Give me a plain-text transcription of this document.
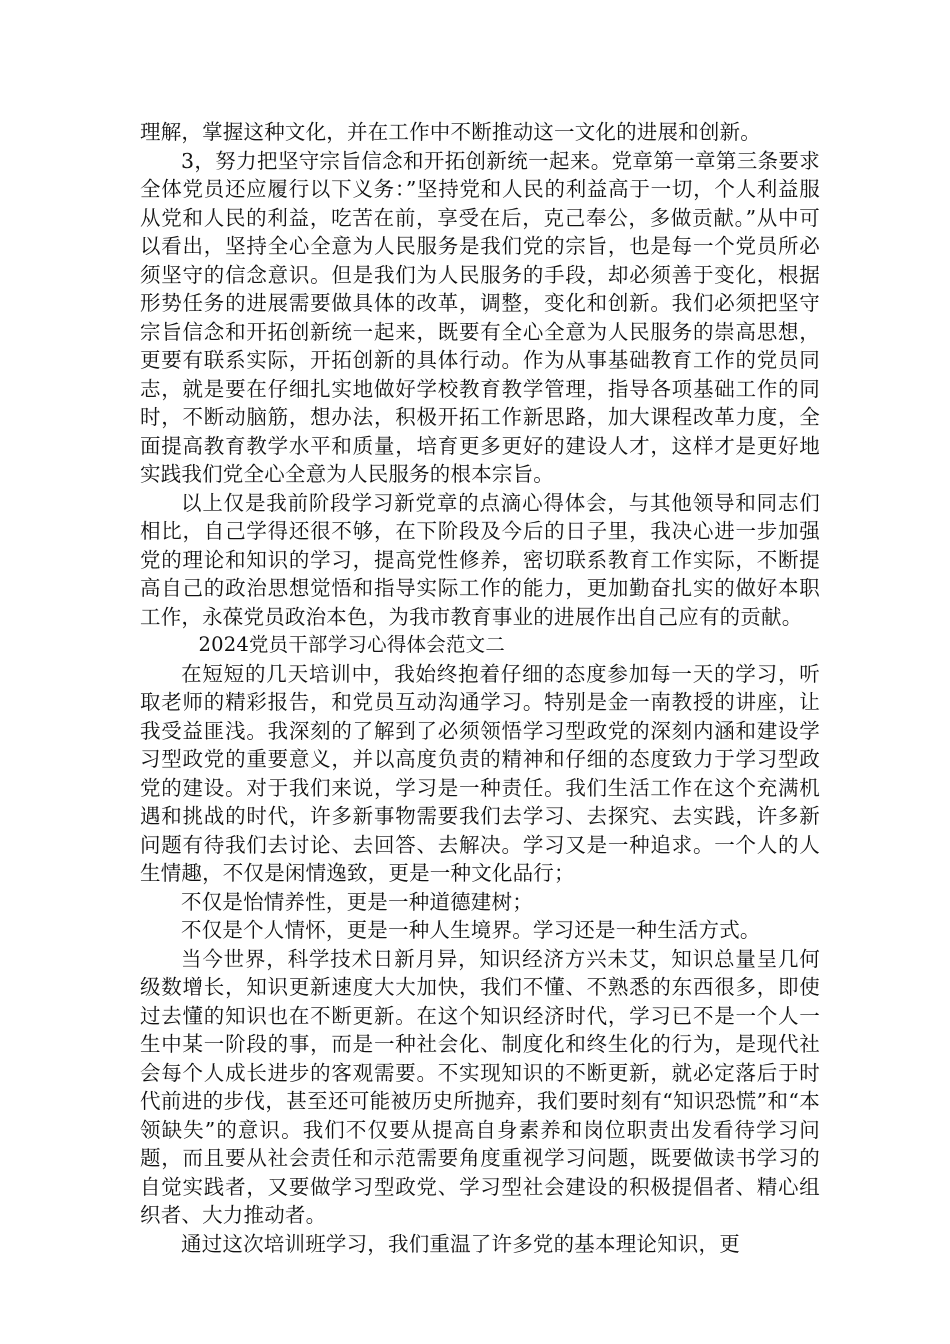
理解，掌握这种文化，并在工作中不断推动这一文化的进展和创新。

3，努力把坚守宗旨信念和开拓创新统一起来。党章第一章第三条要求全体党员还应履行以下义务：”坚持党和人民的利益高于一切，个人利益服从党和人民的利益，吃苦在前，享受在后，克己奉公，多做贡献。”从中可以看出，坚持全心全意为人民服务是我们党的宗旨，也是每一个党员所必须坚守的信念意识。但是我们为人民服务的手段，却必须善于变化，根据形势任务的进展需要做具体的改革，调整，变化和创新。我们必须把坚守宗旨信念和开拓创新统一起来，既要有全心全意为人民服务的崇高思想，更要有联系实际，开拓创新的具体行动。作为从事基础教育工作的党员同志，就是要在仔细扎实地做好学校教育教学管理，指导各项基础工作的同时，不断动脑筋，想办法，积极开拓工作新思路，加大课程改革力度，全面提高教育教学水平和质量，培育更多更好的建设人才，这样才是更好地实践我们党全心全意为人民服务的根本宗旨。

以上仅是我前阶段学习新党章的点滴心得体会，与其他领导和同志们相比，自己学得还很不够，在下阶段及今后的日子里，我决心进一步加强党的理论和知识的学习，提高党性修养，密切联系教育工作实际，不断提高自己的政治思想觉悟和指导实际工作的能力，更加勤奋扎实的做好本职工作，永葆党员政治本色，为我市教育事业的进展作出自己应有的贡献。

2024党员干部学习心得体会范文二

在短短的几天培训中，我始终抱着仔细的态度参加每一天的学习，听取老师的精彩报告，和党员互动沟通学习。特别是金一南教授的讲座，让我受益匪浅。我深刻的了解到了必须领悟学习型政党的深刻内涵和建设学习型政党的重要意义，并以高度负责的精神和仔细的态度致力于学习型政党的建设。对于我们来说，学习是一种责任。我们生活工作在这个充满机遇和挑战的时代，许多新事物需要我们去学习、去探究、去实践，许多新问题有待我们去讨论、去回答、去解决。学习又是一种追求。一个人的人生情趣，不仅是闲情逸致，更是一种文化品行；

不仅是怡情养性，更是一种道德建树；

不仅是个人情怀，更是一种人生境界。学习还是一种生活方式。

当今世界，科学技术日新月异，知识经济方兴未艾，知识总量呈几何级数增长，知识更新速度大大加快，我们不懂、不熟悉的东西很多，即使过去懂的知识也在不断更新。在这个知识经济时代，学习已不是一个人一生中某一阶段的事，而是一种社会化、制度化和终生化的行为，是现代社会每个人成长进步的客观需要。不实现知识的不断更新，就必定落后于时代前进的步伐，甚至还可能被历史所抛弃，我们要时刻有“知识恐慌”和“本领缺失”的意识。我们不仅要从提高自身素养和岗位职责出发看待学习问题，而且要从社会责任和示范需要角度重视学习问题，既要做读书学习的自觉实践者，又要做学习型政党、学习型社会建设的积极提倡者、精心组织者、大力推动者。

通过这次培训班学习，我们重温了许多党的基本理论知识，更
